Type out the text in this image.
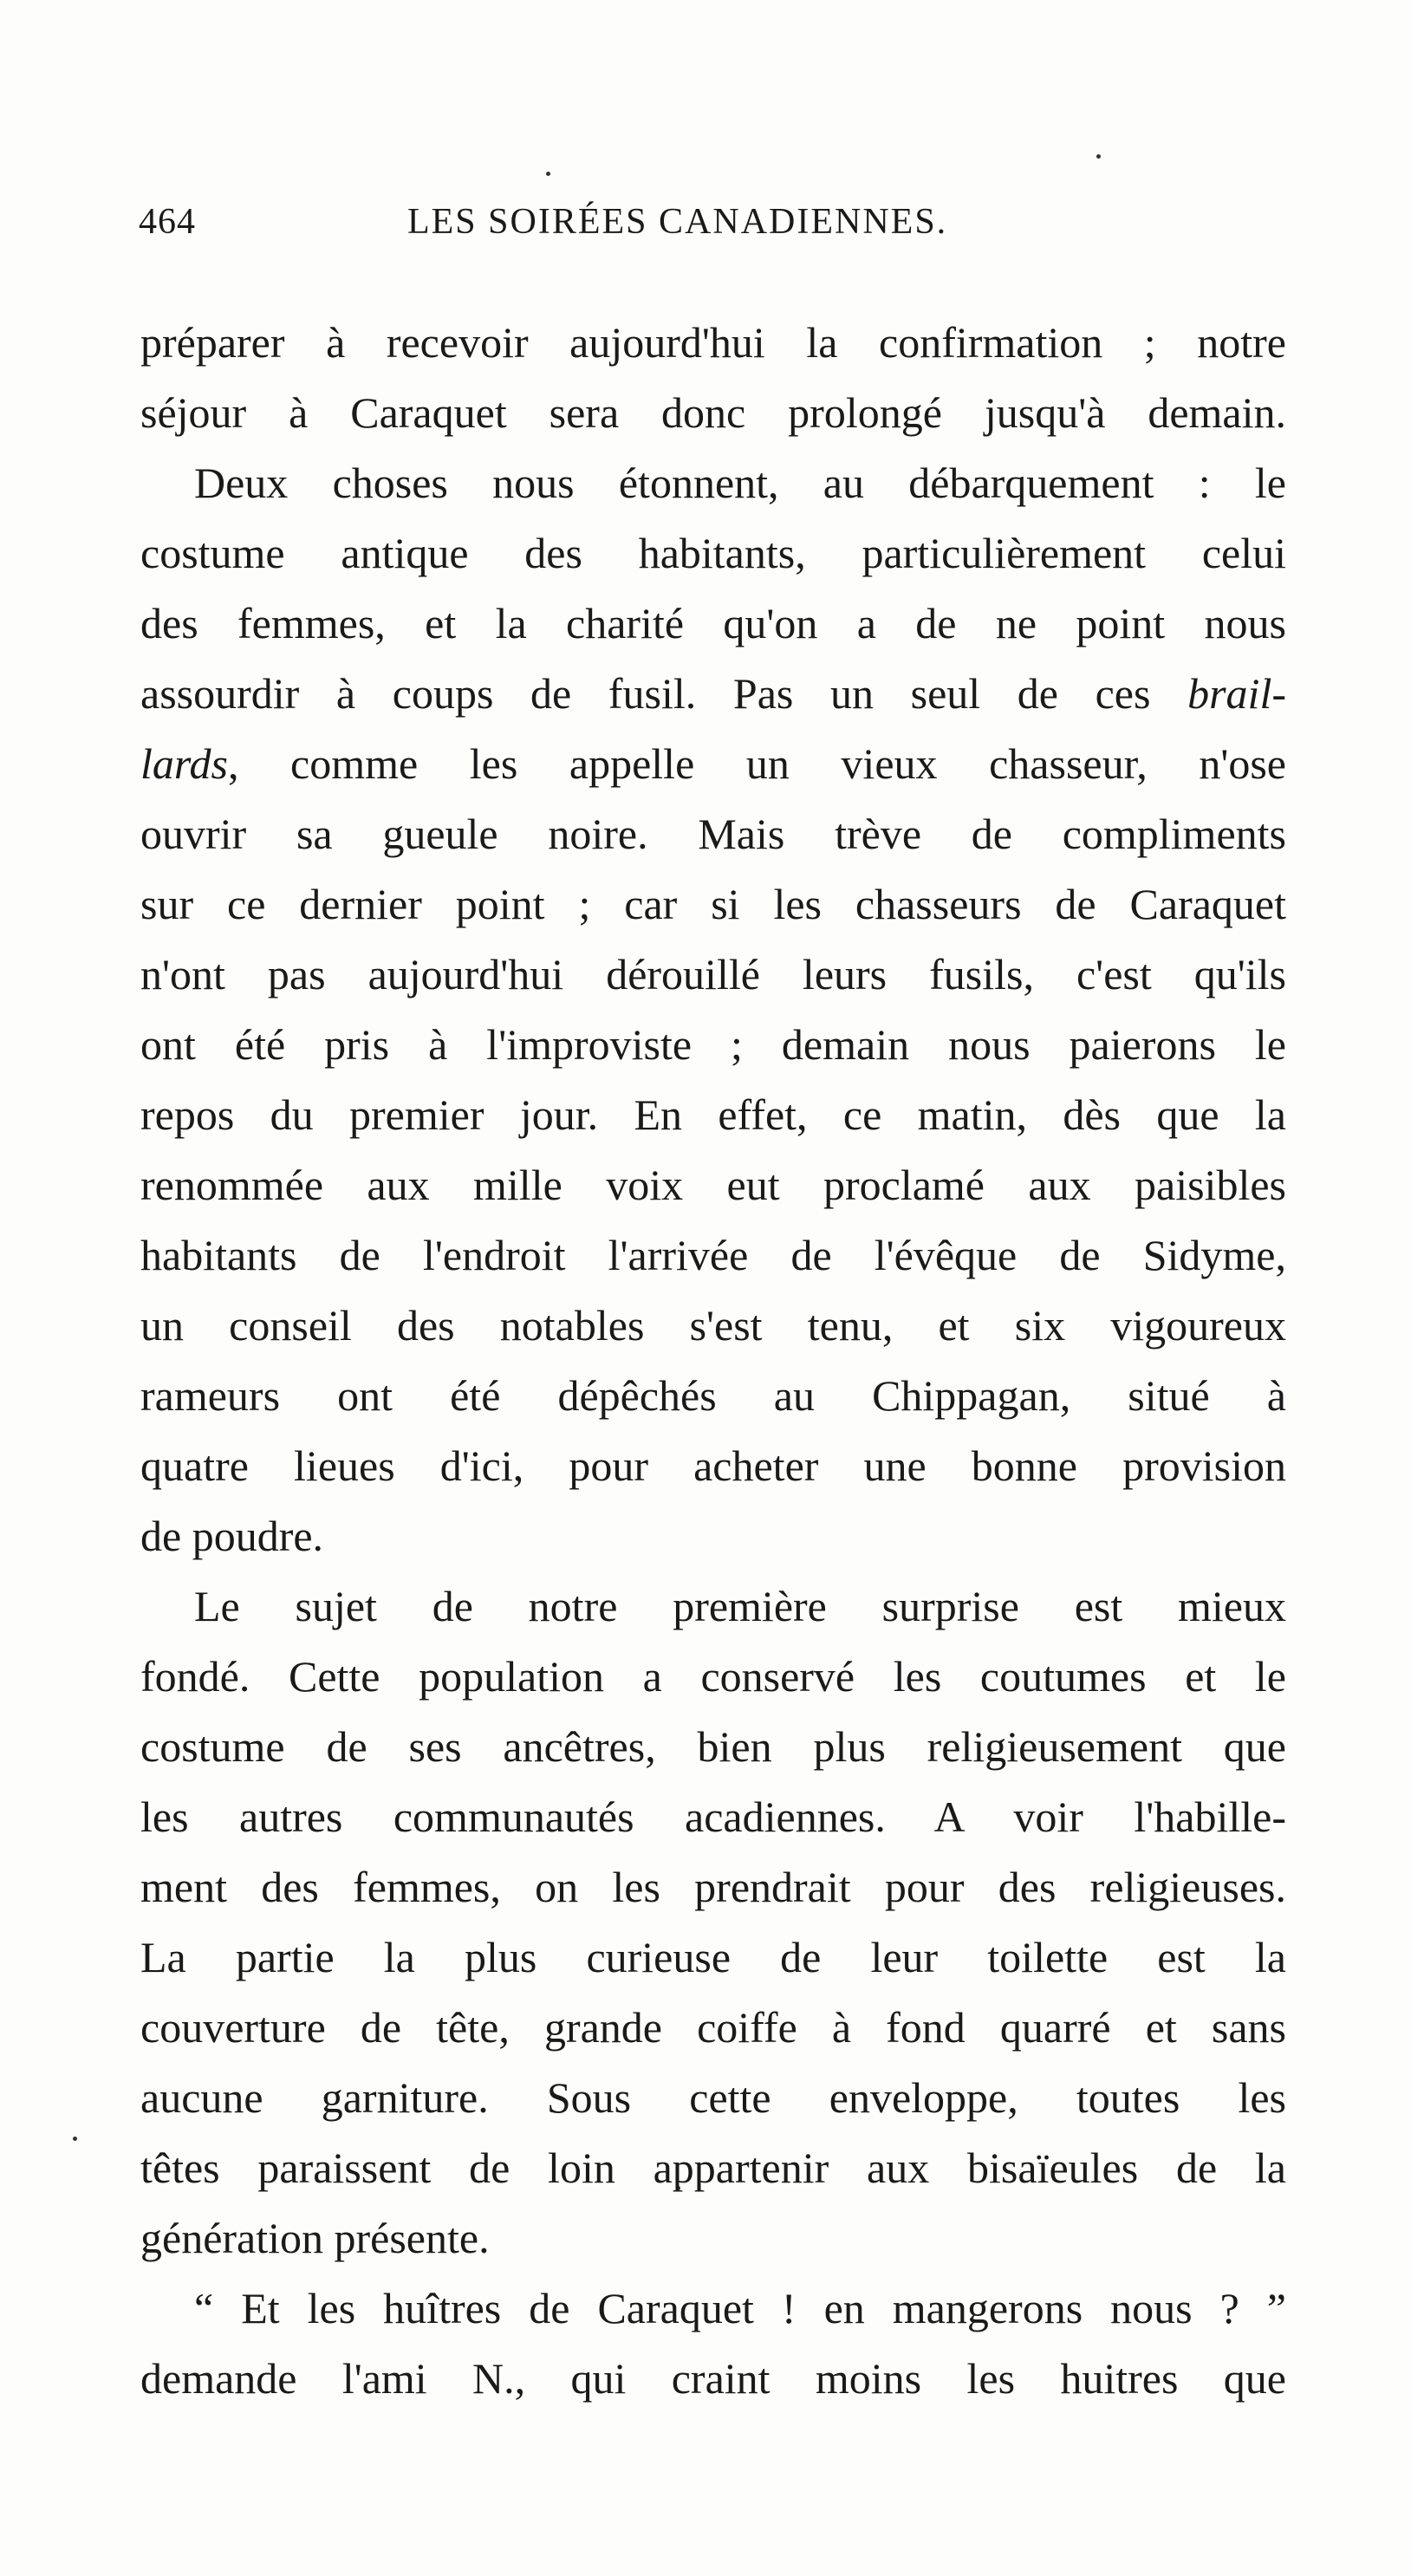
464	LES SOIRÉES CANADIENNES.
préparer à recevoir aujourd'hui la confirmation ; notre
séjour à Caraquet sera donc prolongé jusqu'à demain.
Deux choses nous étonnent, au débarquement : le
costume antique des habitants, particulièrement celui
des femmes, et la charité qu'on a de ne point nous
assourdir à coups de fusil. Pas un seul de ces brail-
lards, comme les appelle un vieux chasseur, n'ose
ouvrir sa gueule noire. Mais trève de compliments
sur ce dernier point ; car si les chasseurs de Caraquet
n'ont pas aujourd'hui dérouillé leurs fusils, c'est qu'ils
ont été pris à l'improviste ; demain nous paierons le
repos du premier jour. En effet, ce matin, dès que la
renommée aux mille voix eut proclamé aux paisibles
habitants de l'endroit l'arrivée de l'évêque de Sidyme,
un conseil des notables s'est tenu, et six vigoureux
rameurs ont été dépêchés au Chippagan, situé à
quatre lieues d'ici, pour acheter une bonne provision
de poudre.
Le sujet de notre première surprise est mieux
fondé. Cette population a conservé les coutumes et le
costume de ses ancêtres, bien plus religieusement que
les autres communautés acadiennes. A voir l'habille-
ment des femmes, on les prendrait pour des religieuses.
La partie la plus curieuse de leur toilette est la
couverture de tête, grande coiffe à fond quarré et sans
aucune garniture. Sous cette enveloppe, toutes les
têtes paraissent de loin appartenir aux bisaïeules de la
génération présente.
“ Et les huîtres de Caraquet ! en mangerons nous ? ”
demande l'ami N., qui craint moins les huitres que
